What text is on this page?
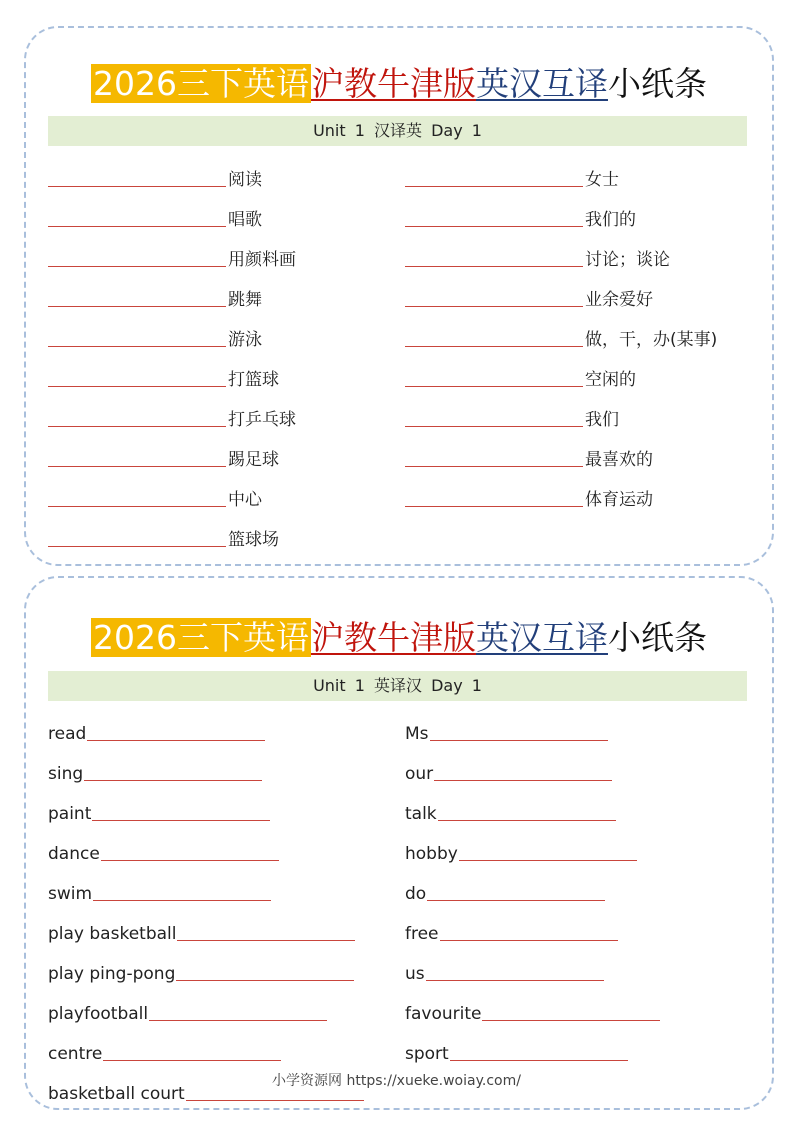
2026三下英语沪教牛津版英汉互译小纸条
Unit 1 汉译英 Day 1
阅读
唱歌
用颜料画
跳舞
游泳
打篮球
打乒乓球
踢足球
中心
篮球场
女士
我们的
讨论；谈论
业余爱好
做，干，办(某事)
空闲的
我们
最喜欢的
体育运动
2026三下英语沪教牛津版英汉互译小纸条
Unit 1 英译汉 Day 1
read
sing
paint
dance
swim
play basketball
play ping-pong
playfootball
centre
basketball court
Ms
our
talk
hobby
do
free
us
favourite
sport
小学资源网 https://xueke.woiay.com/
